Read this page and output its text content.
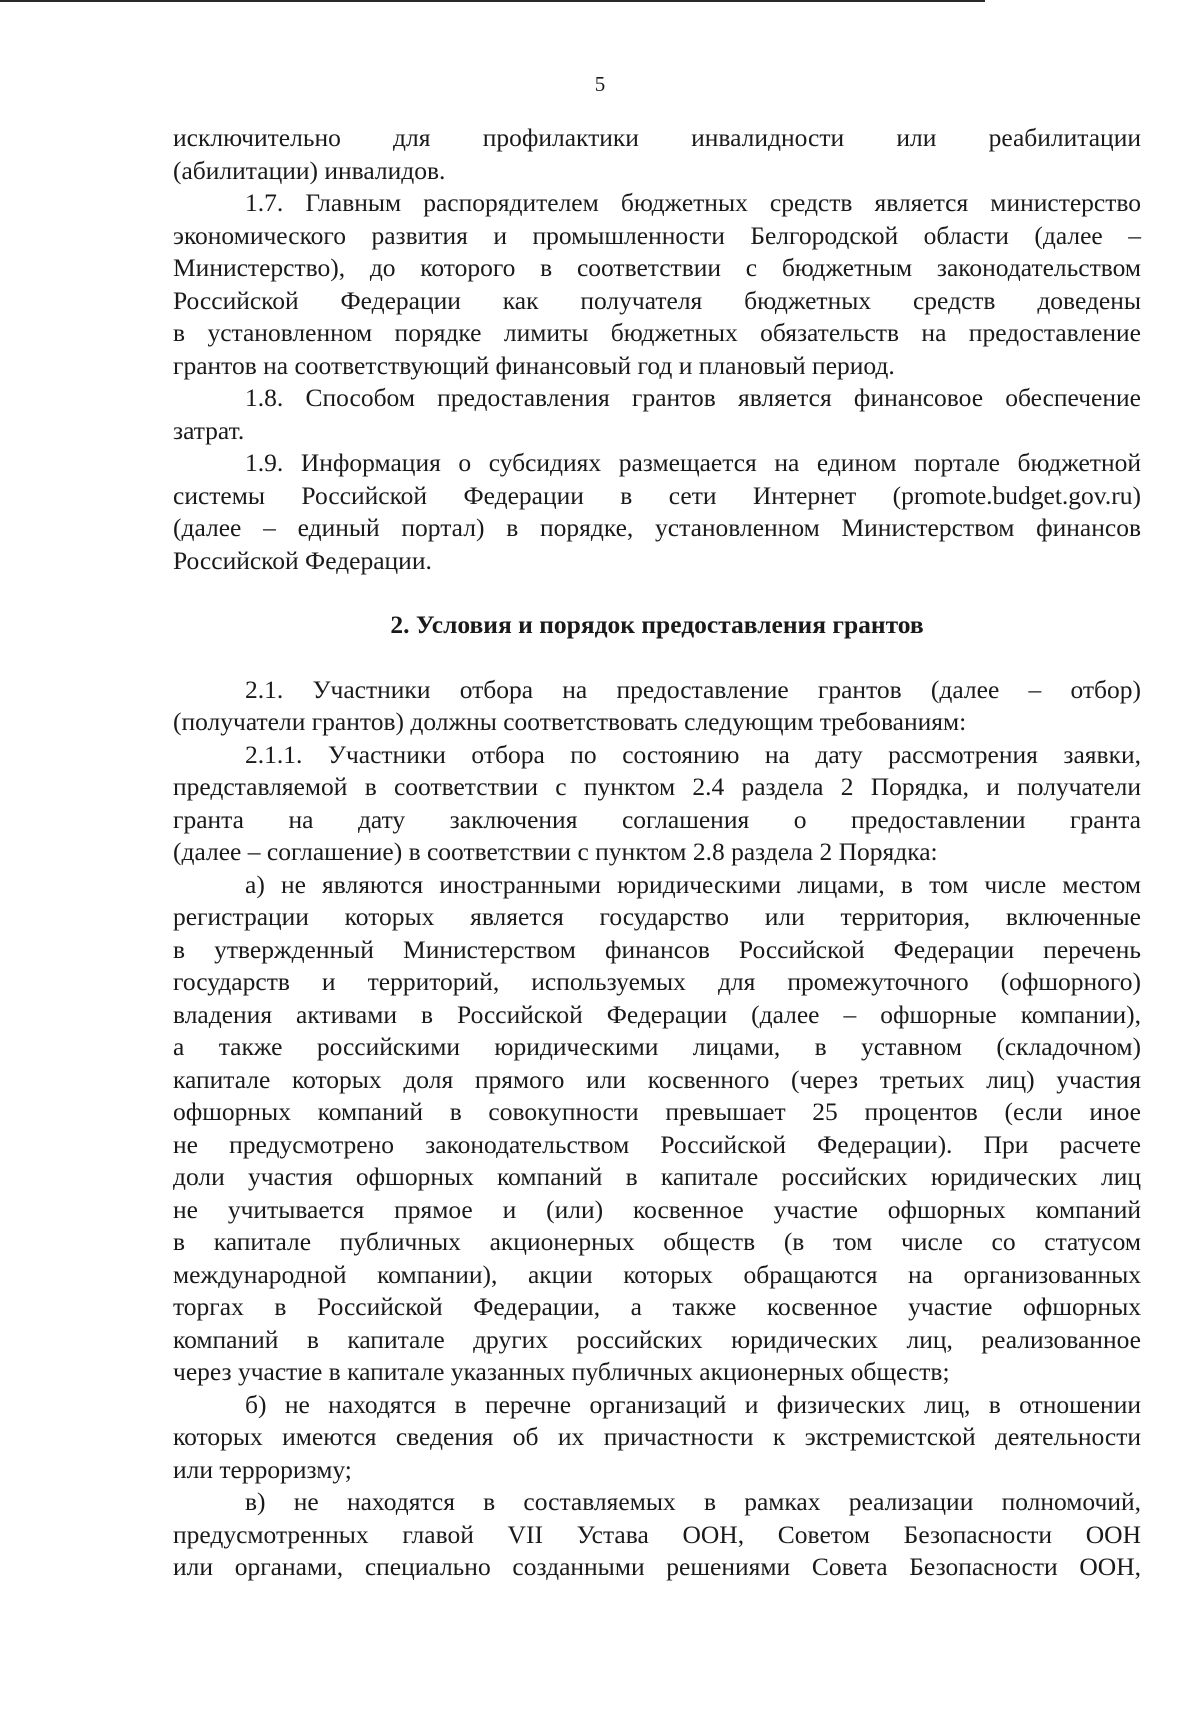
5
исключительно для профилактики инвалидности или реабилитации
(абилитации) инвалидов.
1.7. Главным распорядителем бюджетных средств является министерство
экономического развития и промышленности Белгородской области (далее –
Министерство), до которого в соответствии с бюджетным законодательством
Российской Федерации как получателя бюджетных средств доведены
в установленном порядке лимиты бюджетных обязательств на предоставление
грантов на соответствующий финансовый год и плановый период.
1.8. Способом предоставления грантов является финансовое обеспечение
затрат.
1.9. Информация о субсидиях размещается на едином портале бюджетной
системы Российской Федерации в сети Интернет (promote.budget.gov.ru)
(далее – единый портал) в порядке, установленном Министерством финансов
Российской Федерации.
2. Условия и порядок предоставления грантов
2.1. Участники отбора на предоставление грантов (далее – отбор)
(получатели грантов) должны соответствовать следующим требованиям:
2.1.1. Участники отбора по состоянию на дату рассмотрения заявки,
представляемой в соответствии с пунктом 2.4 раздела 2 Порядка, и получатели
гранта на дату заключения соглашения о предоставлении гранта
(далее – соглашение) в соответствии с пунктом 2.8 раздела 2 Порядка:
а) не являются иностранными юридическими лицами, в том числе местом
регистрации которых является государство или территория, включенные
в утвержденный Министерством финансов Российской Федерации перечень
государств и территорий, используемых для промежуточного (офшорного)
владения активами в Российской Федерации (далее – офшорные компании),
а также российскими юридическими лицами, в уставном (складочном)
капитале которых доля прямого или косвенного (через третьих лиц) участия
офшорных компаний в совокупности превышает 25 процентов (если иное
не предусмотрено законодательством Российской Федерации). При расчете
доли участия офшорных компаний в капитале российских юридических лиц
не учитывается прямое и (или) косвенное участие офшорных компаний
в капитале публичных акционерных обществ (в том числе со статусом
международной компании), акции которых обращаются на организованных
торгах в Российской Федерации, а также косвенное участие офшорных
компаний в капитале других российских юридических лиц, реализованное
через участие в капитале указанных публичных акционерных обществ;
б) не находятся в перечне организаций и физических лиц, в отношении
которых имеются сведения об их причастности к экстремистской деятельности
или терроризму;
в) не находятся в составляемых в рамках реализации полномочий,
предусмотренных главой VII Устава ООН, Советом Безопасности ООН
или органами, специально созданными решениями Совета Безопасности ООН,
